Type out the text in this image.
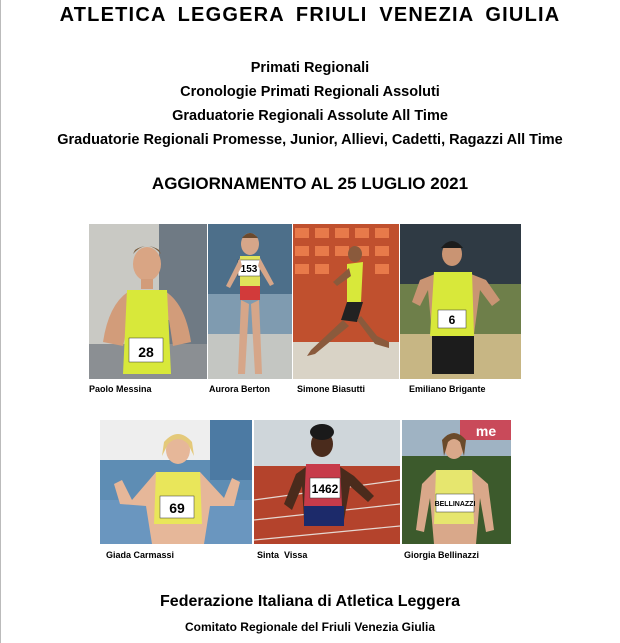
ATLETICA LEGGERA FRIULI VENEZIA GIULIA
Primati Regionali
Cronologie Primati Regionali Assoluti
Graduatorie Regionali Assolute All Time
Graduatorie Regionali Promesse, Junior, Allievi, Cadetti, Ragazzi All Time
AGGIORNAMENTO AL 25 LUGLIO 2021
28
153
6
Paolo Messina	Aurora Berton	Simone Biasutti	Emiliano Brigante
69
1462
me
BELLINAZZI
Giada Carmassi	Sinta  Vissa	Giorgia Bellinazzi
Federazione Italiana di Atletica Leggera
Comitato Regionale del Friuli Venezia Giulia
